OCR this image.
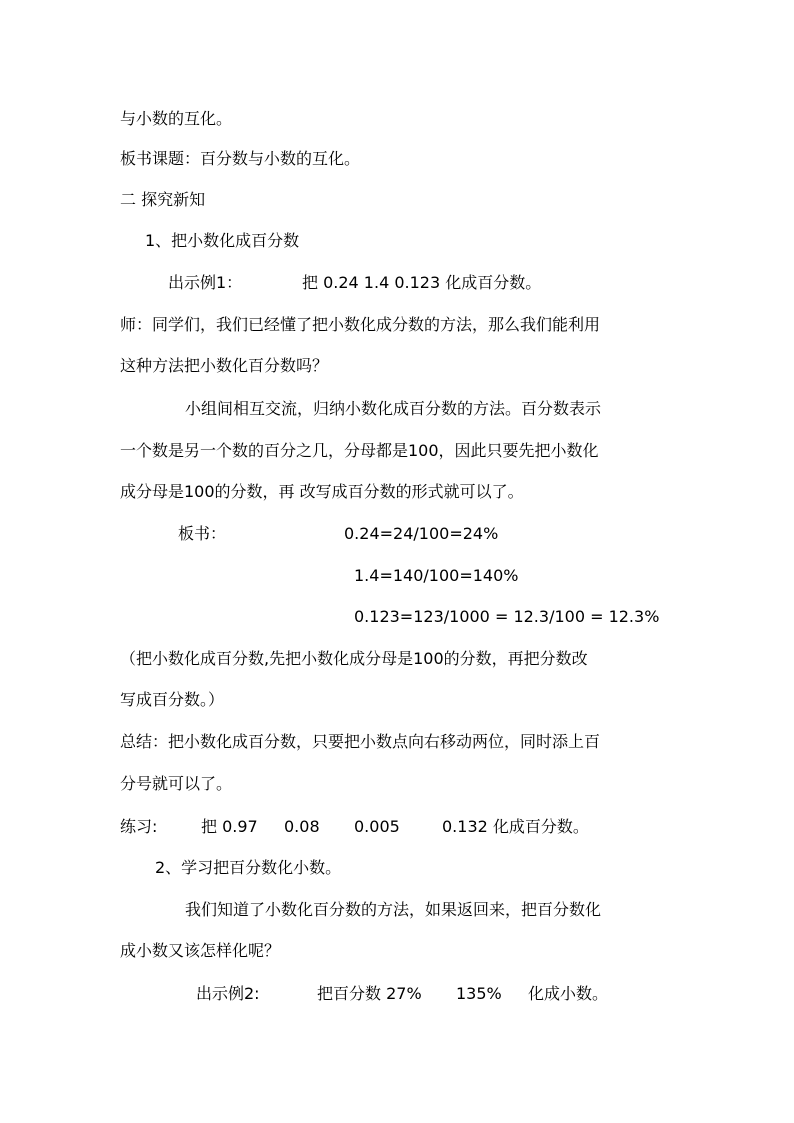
与小数的互化。
板书课题：百分数与小数的互化。
二 探究新知
1、把小数化成百分数
出示例1：	把 0.24 1.4 0.123 化成百分数。
师：同学们，我们已经懂了把小数化成分数的方法，那么我们能利用
这种方法把小数化百分数吗？
小组间相互交流，归纳小数化成百分数的方法。百分数表示
一个数是另一个数的百分之几，分母都是100，因此只要先把小数化
成分母是100的分数，再 改写成百分数的形式就可以了。
板书：	0.24=24/100=24%
1.4=140/100=140%
0.123=123/1000 = 12.3/100 = 12.3%
（把小数化成百分数,先把小数化成分母是100的分数，再把分数改
写成百分数。）
总结：把小数化成百分数，只要把小数点向右移动两位，同时添上百
分号就可以了。
练习:	把 0.97 0.08 0.005	0.132 化成百分数。
2、学习把百分数化小数。
我们知道了小数化百分数的方法，如果返回来，把百分数化
成小数又该怎样化呢？
出示例2:	把百分数 27% 135% 化成小数。
